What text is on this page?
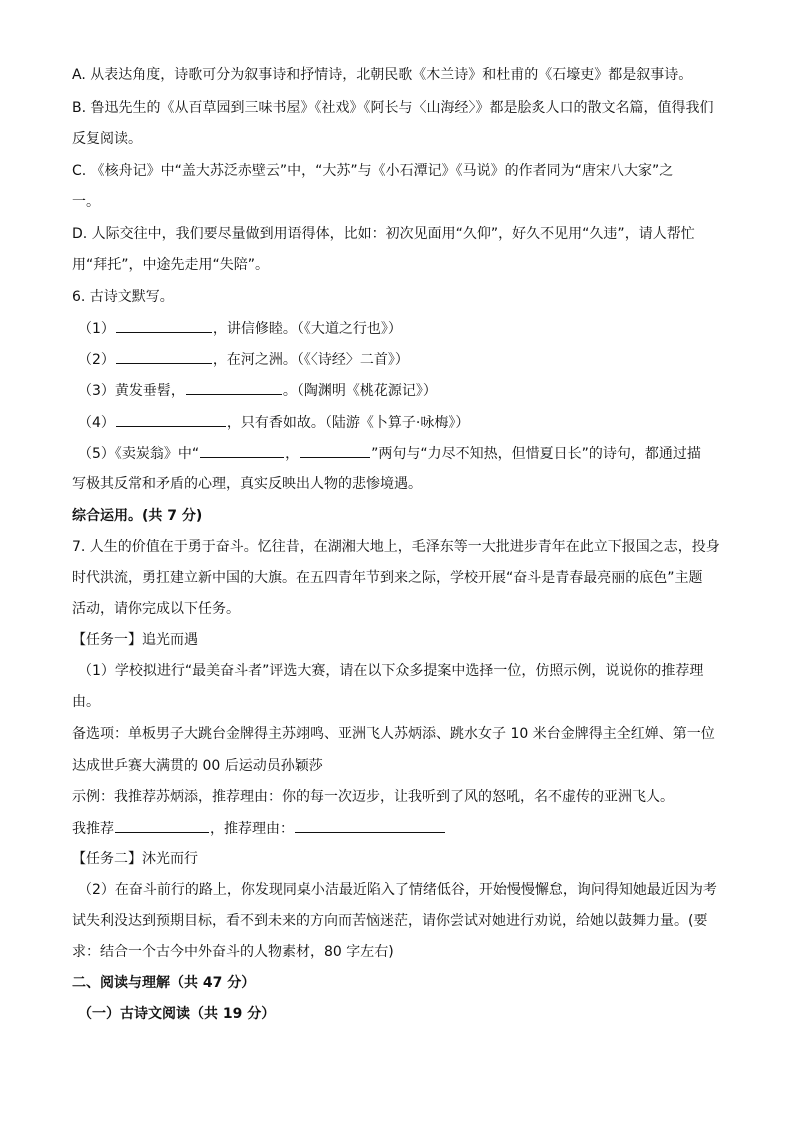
A. 从表达角度，诗歌可分为叙事诗和抒情诗，北朝民歌《木兰诗》和杜甫的《石壕吏》都是叙事诗。
B. 鲁迅先生的《从百草园到三味书屋》《社戏》《阿长与〈山海经〉》都是脍炙人口的散文名篇，值得我们
反复阅读。
C. 《核舟记》中“盖大苏泛赤壁云”中，“大苏”与《小石潭记》《马说》的作者同为“唐宋八大家”之
一。
D. 人际交往中，我们要尽量做到用语得体，比如：初次见面用“久仰”，好久不见用“久违”，请人帮忙
用“拜托”，中途先走用“失陪”。
6. 古诗文默写。
（1）	，讲信修睦。（《大道之行也》）
（2）	，在河之洲。（《〈诗经〉二首》）
（3）黄发垂髫，	。（陶渊明《桃花源记》）
（4）	，只有香如故。（陆游《卜算子·咏梅》）
（5）《卖炭翁》中“	，	”两句与“力尽不知热，但惜夏日长”的诗句，都通过描
写极其反常和矛盾的心理，真实反映出人物的悲惨境遇。
综合运用。(共 7 分)
7. 人生的价值在于勇于奋斗。忆往昔，在湖湘大地上，毛泽东等一大批进步青年在此立下报国之志，投身
时代洪流，勇扛建立新中国的大旗。在五四青年节到来之际，学校开展“奋斗是青春最亮丽的底色”主题
活动，请你完成以下任务。
【任务一】追光而遇
（1）学校拟进行“最美奋斗者”评选大赛，请在以下众多提案中选择一位，仿照示例，说说你的推荐理
由。
备选项：单板男子大跳台金牌得主苏翊鸣、亚洲飞人苏炳添、跳水女子 10 米台金牌得主全红婵、第一位
达成世乒赛大满贯的 00 后运动员孙颖莎
示例：我推荐苏炳添，推荐理由：你的每一次迈步，让我听到了风的怒吼，名不虚传的亚洲飞人。
我推荐	，推荐理由：
【任务二】沐光而行
（2）在奋斗前行的路上，你发现同桌小洁最近陷入了情绪低谷，开始慢慢懈怠，询问得知她最近因为考
试失利没达到预期目标，看不到未来的方向而苦恼迷茫，请你尝试对她进行劝说，给她以鼓舞力量。(要
求：结合一个古今中外奋斗的人物素材，80 字左右)
二、阅读与理解（共 47 分）
（一）古诗文阅读（共 19 分）
